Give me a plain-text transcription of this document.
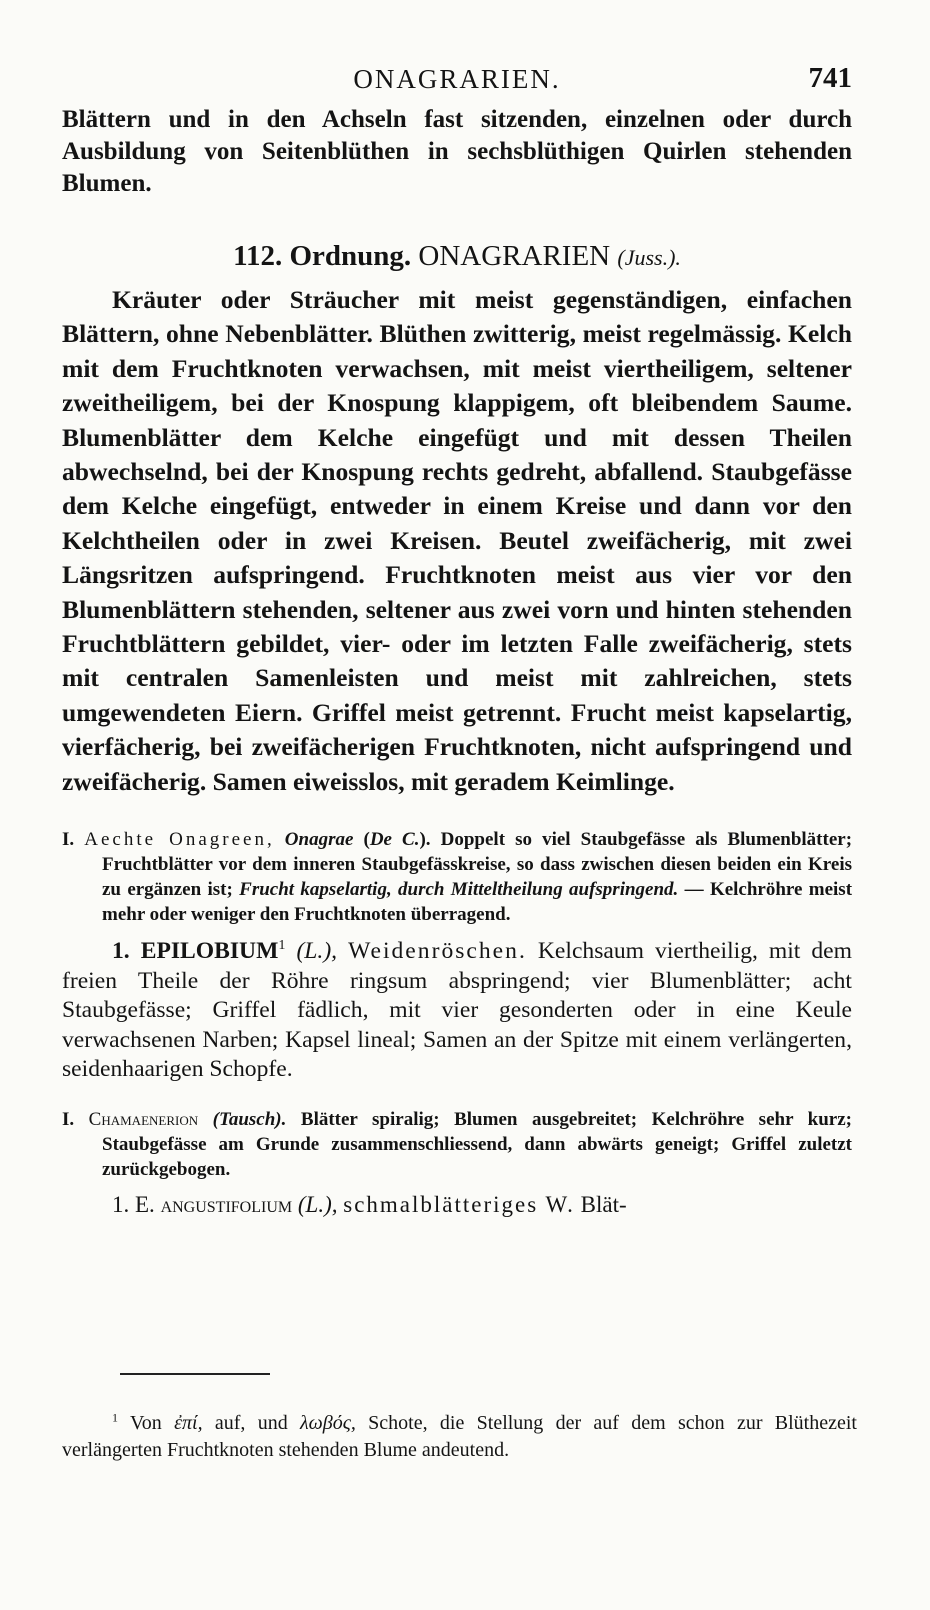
ONAGRARIEN.	741

Blättern und in den Achseln fast sitzenden, einzelnen oder durch Ausbildung von Seitenblüthen in sechsblüthigen Quirlen stehenden Blumen.

112. Ordnung. ONAGRARIEN (Juss.).

Kräuter oder Sträucher mit meist gegenständigen, einfachen Blättern, ohne Nebenblätter. Blüthen zwitterig, meist regelmässig. Kelch mit dem Fruchtknoten verwachsen, mit meist viertheiligem, seltener zweitheiligem, bei der Knospung klappigem, oft bleibendem Saume. Blumenblätter dem Kelche eingefügt und mit dessen Theilen abwechselnd, bei der Knospung rechts gedreht, abfallend. Staubgefässe dem Kelche eingefügt, entweder in einem Kreise und dann vor den Kelchtheilen oder in zwei Kreisen. Beutel zweifächerig, mit zwei Längsritzen aufspringend. Fruchtknoten meist aus vier vor den Blumenblättern stehenden, seltener aus zwei vorn und hinten stehenden Fruchtblättern gebildet, vier- oder im letzten Falle zweifächerig, stets mit centralen Samenleisten und meist mit zahlreichen, stets umgewendeten Eiern. Griffel meist getrennt. Frucht meist kapselartig, vierfächerig, bei zweifächerigen Fruchtknoten, nicht aufspringend und zweifächerig. Samen eiweisslos, mit geradem Keimlinge.

I. Aechte Onagreen, Onagrae (De C.). Doppelt so viel Staubgefässe als Blumenblätter; Fruchtblätter vor dem inneren Staubgefässkreise, so dass zwischen diesen beiden ein Kreis zu ergänzen ist; Frucht kapselartig, durch Mitteltheilung aufspringend. — Kelchröhre meist mehr oder weniger den Fruchtknoten überragend.

1. EPILOBIUM$^1$ (L.), Weidenröschen. Kelchsaum viertheilig, mit dem freien Theile der Röhre ringsum abspringend; vier Blumenblätter; acht Staubgefässe; Griffel fädlich, mit vier gesonderten oder in eine Keule verwachsenen Narben; Kapsel lineal; Samen an der Spitze mit einem verlängerten, seidenhaarigen Schopfe.

I. Chamaenerion (Tausch). Blätter spiralig; Blumen ausgebreitet; Kelchröhre sehr kurz; Staubgefässe am Grunde zusammenschliessend, dann abwärts geneigt; Griffel zuletzt zurückgebogen.

1. E. angustifolium (L.), schmalblätteriges W. Blät-

$^1$ Von ἐπί, auf, und λωβός, Schote, die Stellung der auf dem schon zur Blüthezeit verlängerten Fruchtknoten stehenden Blume andeutend.
